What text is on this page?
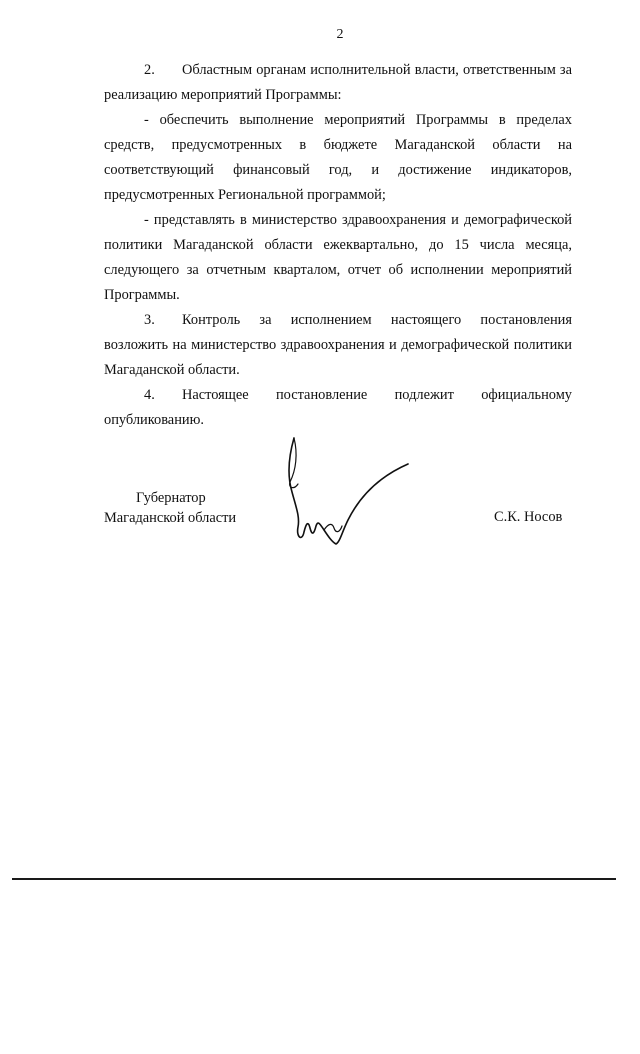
2

2. Областным органам исполнительной власти, ответственным за реализацию мероприятий Программы:

- обеспечить выполнение мероприятий Программы в пределах средств, предусмотренных в бюджете Магаданской области на соответствующий финансовый год, и достижение индикаторов, предусмотренных Региональной программой;

- представлять в министерство здравоохранения и демографической политики Магаданской области ежеквартально, до 15 числа месяца, следующего за отчетным кварталом, отчет об исполнении мероприятий Программы.

3. Контроль за исполнением настоящего постановления возложить на министерство здравоохранения и демографической политики Магаданской области.

4. Настоящее постановление подлежит официальному опубликованию.

Губернатор
Магаданской области	С.К. Носов
